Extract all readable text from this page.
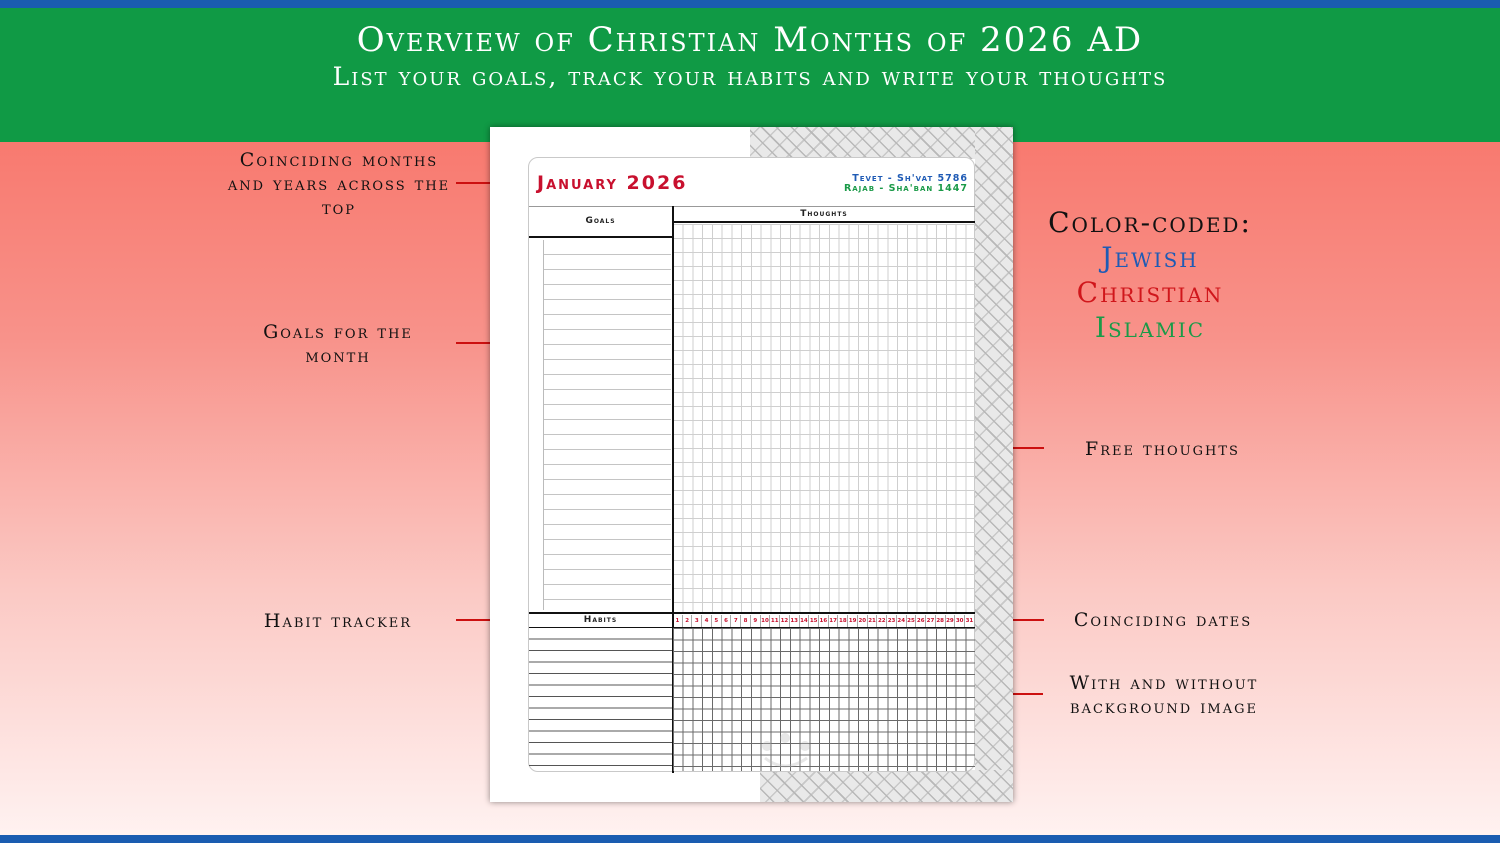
Overview of Christian Months of 2026 AD
List your goals, track your habits and write your thoughts
Coinciding months and years across the top
Goals for the month
Habit tracker
Free thoughts
Coinciding dates
With and without background image
Color-coded:
Jewish
Christian
Islamic
January 2026	Tevet - Sh'vat 5786
Rajab - Sha'ban 1447
Goals
Thoughts
Habits	1	2	3	4	5	6	7	8	9 10 11 12 13 14 15 16 17 18 19 20 21 22 23 24 25 26 27 28 29 30 31
